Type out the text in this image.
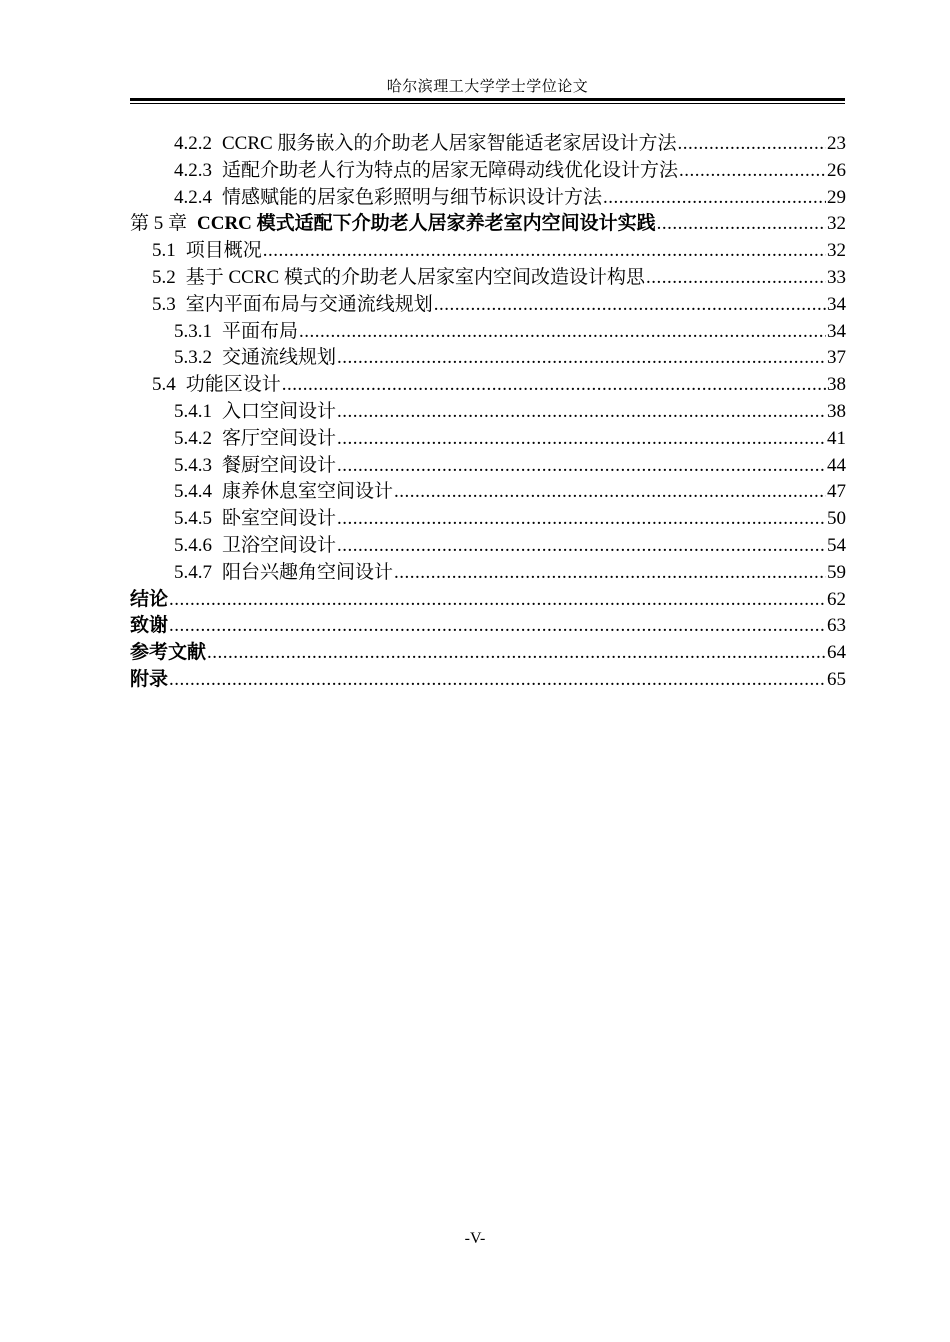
哈尔滨理工大学学士学位论文
4.2.2 CCRC 服务嵌入的介助老人居家智能适老家居设计方法 .....	23
4.2.3 适配介助老人行为特点的居家无障碍动线优化设计方法 .....	26
4.2.4 情感赋能的居家色彩照明与细节标识设计方法 .....	29
第 5 章 CCRC 模式适配下介助老人居家养老室内空间设计实践 .....	32
5.1 项目概况 .....	32
5.2 基于 CCRC 模式的介助老人居家室内空间改造设计构思 .....	33
5.3 室内平面布局与交通流线规划 .....	34
5.3.1 平面布局 .....	34
5.3.2 交通流线规划 .....	37
5.4 功能区设计 .....	38
5.4.1 入口空间设计 .....	38
5.4.2 客厅空间设计 .....	41
5.4.3 餐厨空间设计 .....	44
5.4.4 康养休息室空间设计 .....	47
5.4.5 卧室空间设计 .....	50
5.4.6 卫浴空间设计 .....	54
5.4.7 阳台兴趣角空间设计 .....	59
结论 .....	62
致谢 .....	63
参考文献 .....	64
附录 .....	65
-V-
